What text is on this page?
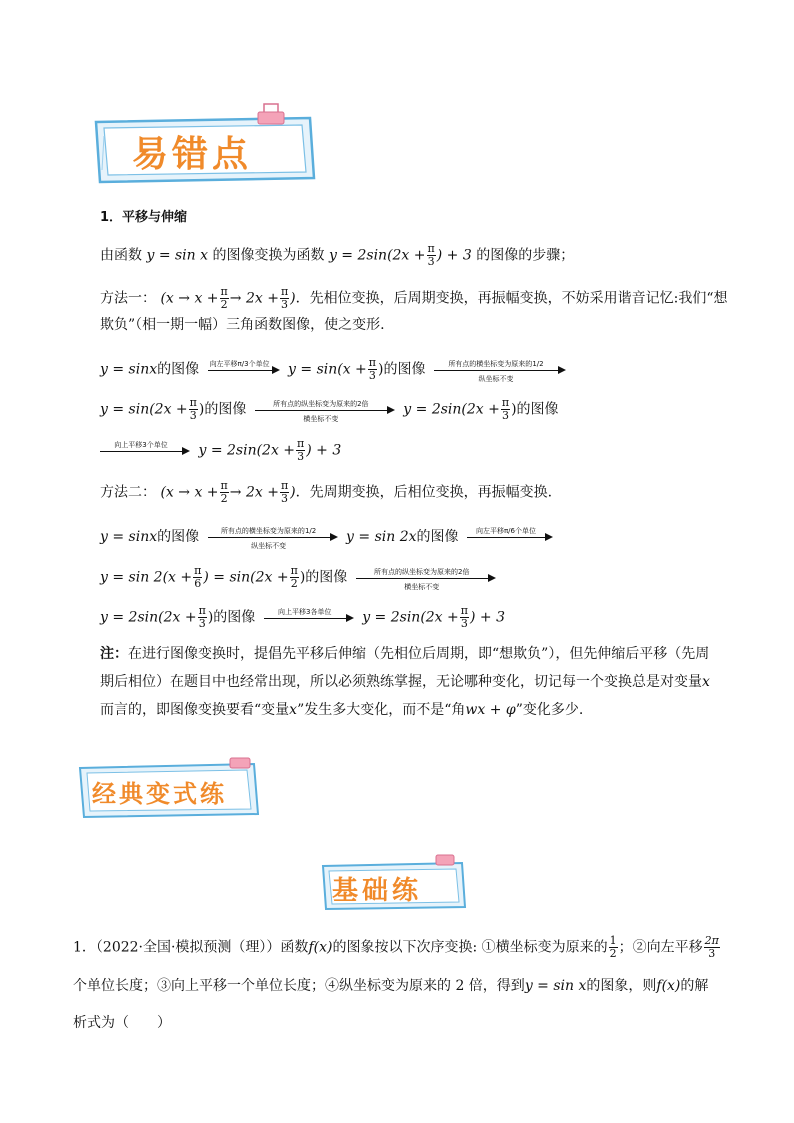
易错点
1．平移与伸缩
由函数 y = sin x 的图像变换为函数 $y = 2\sin(2x + \frac{\pi}{3}$ ) + 3 的图像的步骤；
方法一： ($x \to x + \frac{\pi}{2} \to 2x + \frac{\pi}{3}$ )．先相位变换，后周期变换，再振幅变换，不妨采用谐音记忆:我们“想
欺负”（相一期一幅）三角函数图像，使之变形.
y = sinx的图像 向左平移π/3个单位 $y = \sin(x + \frac{\pi}{3}$ )的图像	所有点的横坐标变为原来的1/2
纵坐标不变
$y = \sin(2x + \frac{\pi}{3}$ )的图像	所有点的纵坐标变为原来的2倍
横坐标不变
$y = 2\sin(2x + \frac{\pi}{3}$ )的图像
向上平移3个单位	$y = 2\sin(2x + \frac{\pi}{3}$ ) + 3
方法二： ($x \to x + \frac{\pi}{2} \to 2x + \frac{\pi}{3}$ )．先周期变换，后相位变换，再振幅变换.
y = sinx的图像	所有点的横坐标变为原来的1/2
纵坐标不变
y = sin 2x的图像	向左平移π/6个单位
$y = \sin 2(x + \frac{\pi}{6}$ ) = $\sin(2x + \frac{\pi}{2}$ )的图像	所有点的纵坐标变为原来的2倍
横坐标不变
$y = 2\sin(2x + \frac{\pi}{3}$ )的图像	向上平移3各单位	$y = 2\sin(2x + \frac{\pi}{3}$ ) + 3
注：在进行图像变换时，提倡先平移后伸缩（先相位后周期，即“想欺负”），但先伸缩后平移（先周期后相位）在题目中也经常出现，所以必须熟练掌握，无论哪种变化，切记每一个变换总是对变量x而言的，即图像变换要看“变量x”发生多大变化，而不是“角wx + φ”变化多少.
经典变式练
基础练
1．（2022·全国·模拟预测（理））函数f(x)的图象按以下次序变换: ①横坐标变为原来的 $\frac{1}{2}$ ；②向左平移 $\frac{2\pi}{3}$
个单位长度；③向上平移一个单位长度；④纵坐标变为原来的 2 倍，得到y = sin x的图象，则f(x)的解
析式为（　　）
